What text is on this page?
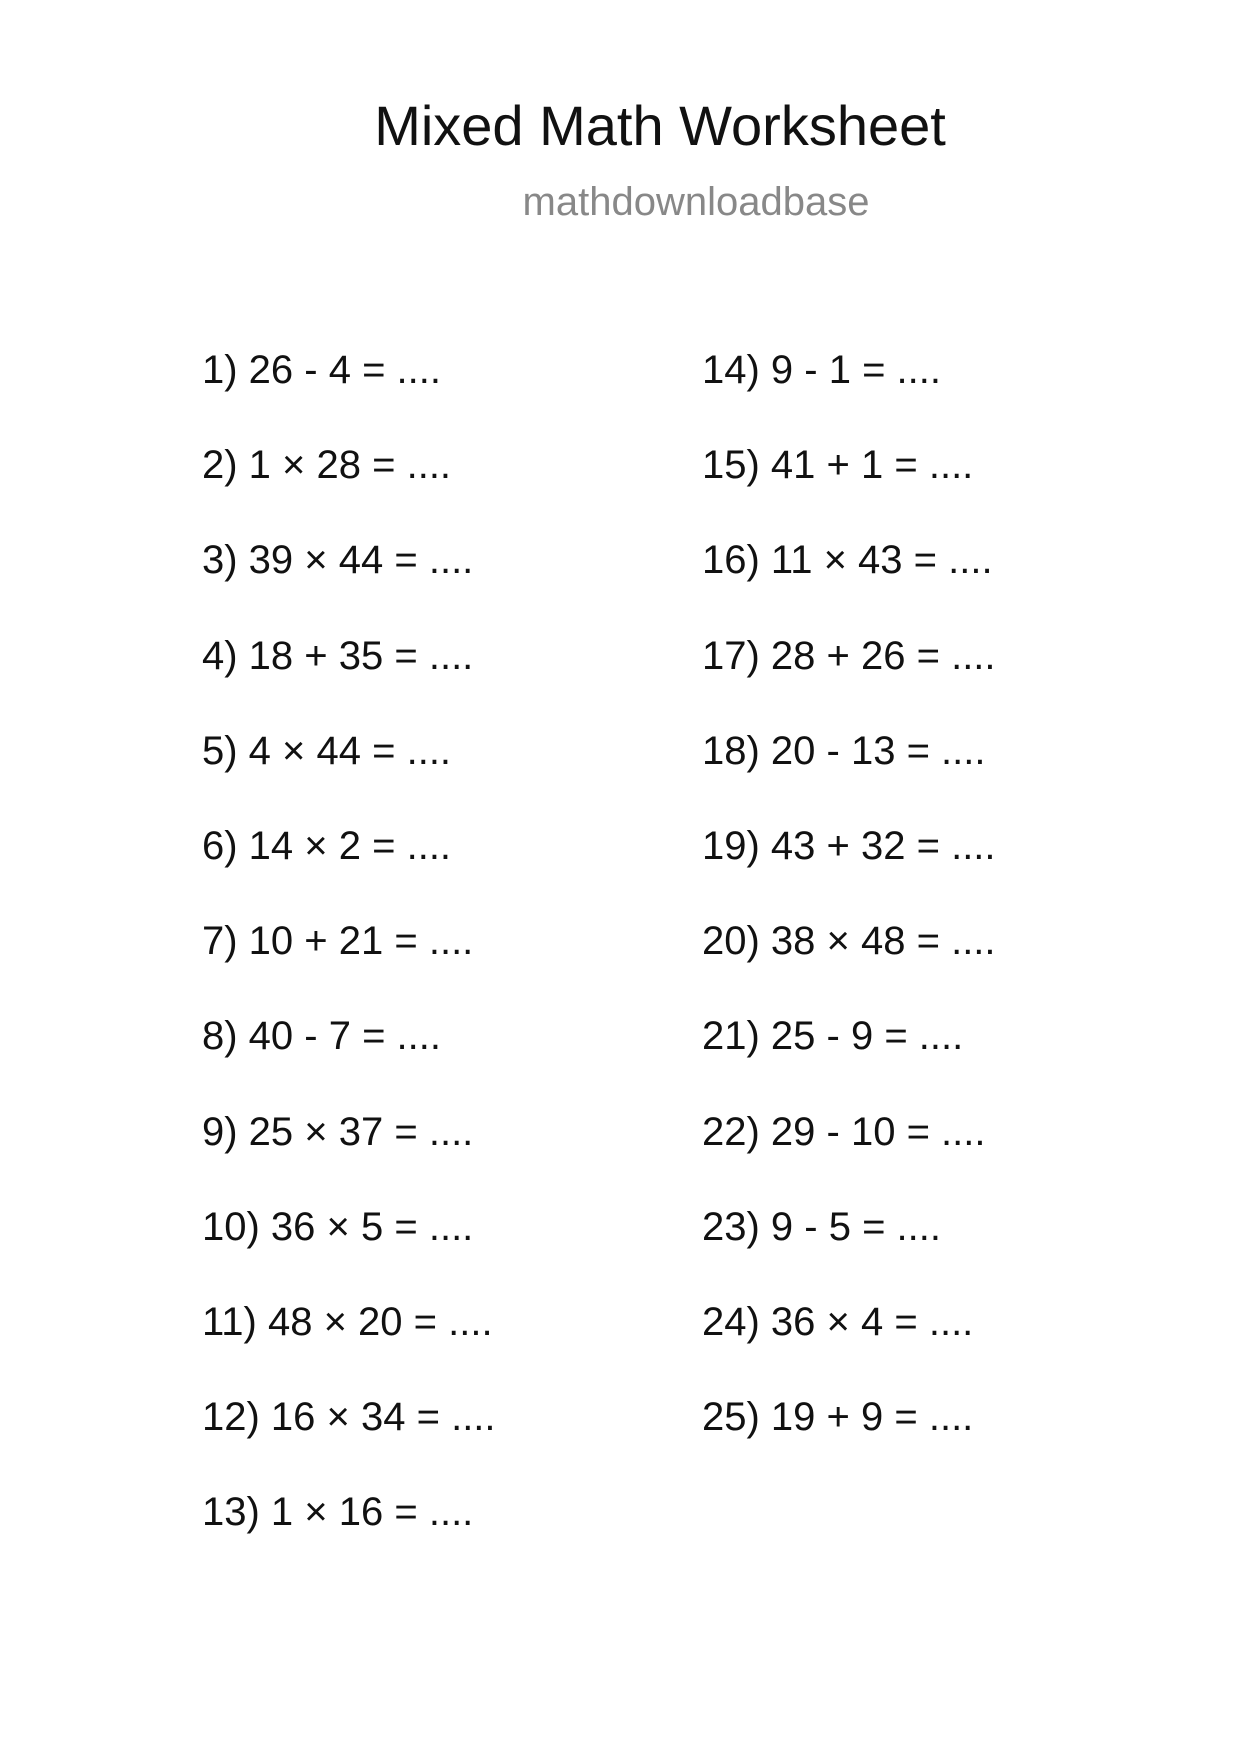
Mixed Math Worksheet
mathdownloadbase
1) 26 - 4 = ....
2) 1 × 28 = ....
3) 39 × 44 = ....
4) 18 + 35 = ....
5) 4 × 44 = ....
6) 14 × 2 = ....
7) 10 + 21 = ....
8) 40 - 7 = ....
9) 25 × 37 = ....
10) 36 × 5 = ....
11) 48 × 20 = ....
12) 16 × 34 = ....
13) 1 × 16 = ....
14) 9 - 1 = ....
15) 41 + 1 = ....
16) 11 × 43 = ....
17) 28 + 26 = ....
18) 20 - 13 = ....
19) 43 + 32 = ....
20) 38 × 48 = ....
21) 25 - 9 = ....
22) 29 - 10 = ....
23) 9 - 5 = ....
24) 36 × 4 = ....
25) 19 + 9 = ....
